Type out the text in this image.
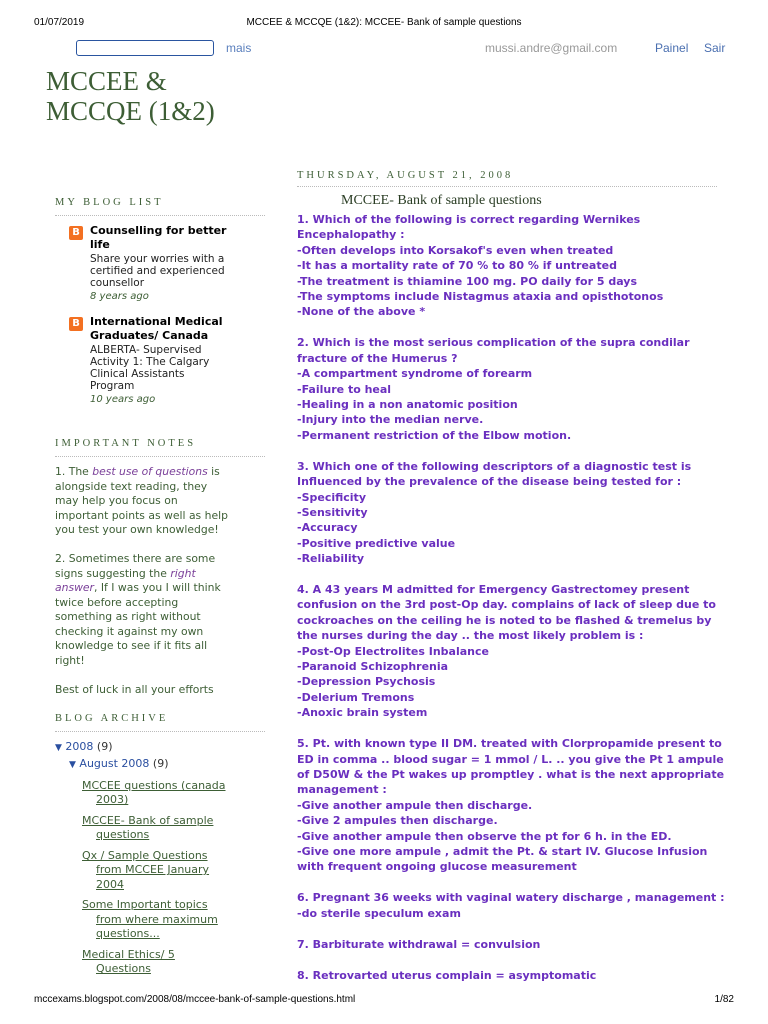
01/07/2019	MCCEE & MCCQE (1&2): MCCEE- Bank of sample questions
mais	mussi.andre@gmail.com	Painel Sair
MCCEE &
MCCQE (1&2)
MY BLOG LIST
B Counselling for better
life
Share your worries with a
certified and experienced
counsellor
8 years ago
B International Medical
Graduates/ Canada
ALBERTA- Supervised
Activity 1: The Calgary
Clinical Assistants
Program
10 years ago
IMPORTANT NOTES

1. The best use of questions is
alongside text reading, they
may help you focus on
important points as well as help
you test your own knowledge!

2. Sometimes there are some
signs suggesting the right
answer, If I was you I will think
twice before accepting
something as right without
checking it against my own
knowledge to see if it fits all
right!

Best of luck in all your efforts

BLOG ARCHIVE
▼ 2008 (9)
▼ August 2008 (9)
MCCEE questions (canada
2003)
MCCEE- Bank of sample
questions
Qx / Sample Questions
from MCCEE January
2004
Some Important topics
from where maximum
questions...
Medical Ethics/ 5
Questions
THURSDAY, AUGUST 21, 2008
MCCEE- Bank of sample questions
1. Which of the following is correct regarding Wernikes
Encephalopathy :
-Often develops into Korsakof's even when treated
-It has a mortality rate of 70 % to 80 % if untreated
-The treatment is thiamine 100 mg. PO daily for 5 days
-The symptoms include Nistagmus ataxia and opisthotonos
-None of the above *
2. Which is the most serious complication of the supra condilar
fracture of the Humerus ?
-A compartment syndrome of forearm
-Failure to heal
-Healing in a non anatomic position
-Injury into the median nerve.
-Permanent restriction of the Elbow motion.
3. Which one of the following descriptors of a diagnostic test is
Influenced by the prevalence of the disease being tested for :
-Specificity
-Sensitivity
-Accuracy
-Positive predictive value
-Reliability
4. A 43 years M admitted for Emergency Gastrectomey present
confusion on the 3rd post-Op day. complains of lack of sleep due to
cockroaches on the ceiling he is noted to be flashed & tremelus by
the nurses during the day .. the most likely problem is :
-Post-Op Electrolites Inbalance
-Paranoid Schizophrenia
-Depression Psychosis
-Delerium Tremons
-Anoxic brain system
5. Pt. with known type II DM. treated with Clorpropamide present to
ED in comma .. blood sugar = 1 mmol / L. .. you give the Pt 1 ampule
of D50W & the Pt wakes up promptley . what is the next appropriate
management :
-Give another ampule then discharge.
-Give 2 ampules then discharge.
-Give another ampule then observe the pt for 6 h. in the ED.
-Give one more ampule , admit the Pt. & start IV. Glucose Infusion
with frequent ongoing glucose measurement
6. Pregnant 36 weeks with vaginal watery discharge , management :
-do sterile speculum exam
7. Barbiturate withdrawal = convulsion
8. Retrovarted uterus complain = asymptomatic
mccexams.blogspot.com/2008/08/mccee-bank-of-sample-questions.html	1/82
